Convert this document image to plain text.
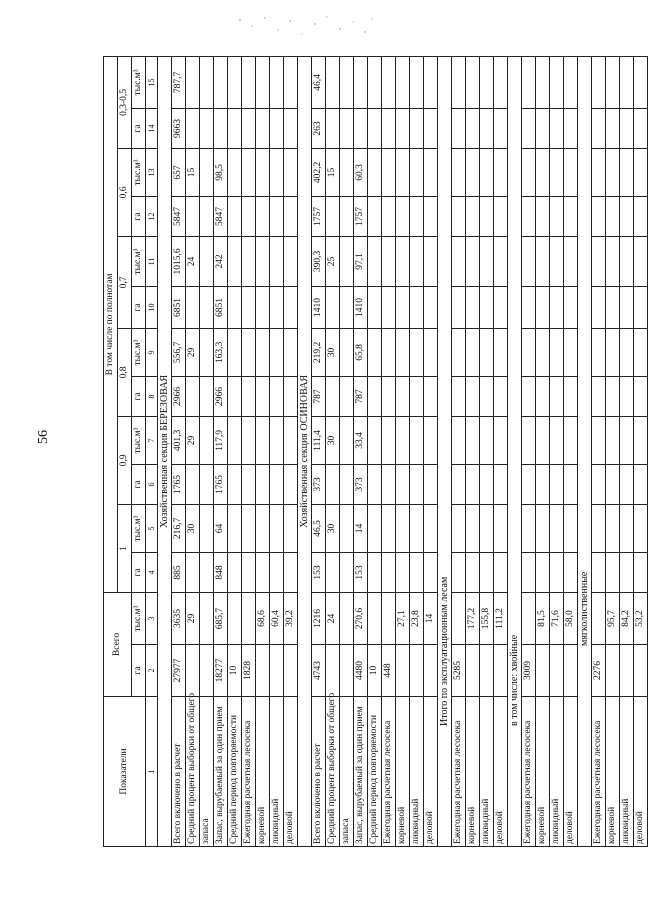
56
Показатели	Всего		В том числе по полнотам											
			1		0,9		0,8		0,7		0,6		0,3-0,5	
	га	тыс.м³	га	тыс.м³	га	тыс.м³	га	тыс.м³	га	тыс.м³	га	тыс.м³	га	тыс.м³
1	2	3	4	5	6	7	8	9	10	11	12	13	14	15
Хозяйственная секция БЕРЕЗОВАЯ														
Всего включено в расчет	27977	3635	885	216,7	1765	401,3	2966	556,7	6851	1015,6	5847	657	9663	787,7
Средний процент выборки от общего		29		30		29		29		24		15		
запаса														
Запас, вырубаемый за один прием	18277	685,7	848	64	1765	117,9	2966	163,3	6851	242	5847	98,5		
Средний период повторяемости	10													
Ежегодная расчетная лесосека	1828													
корневой		68,6												
ликвидный		60,4												
деловой		39,2												
Хозяйственная секция ОСИНОВАЯ														
Всего включено в расчет	4743	1216	153	46,5	373	111,4	787	219,2	1410	390,3	1757	402,2	263	46,4
Средний процент выборки от общего		24		30		30		30		25		15		
запаса														
Запас, вырубаемый за один прием	4480	270,6	153	14	373	33,4	787	65,8	1410	97,1	1757	60,3		
Средний период повторяемости	10													
Ежегодная расчетная лесосека	448													
корневой		27,1												
ликвидный		23,8												
деловой		14												
Итого по эксплуатационным лесам														
Ежегодная расчетная лесосека	5285													
корневой		177,2												
ликвидный		155,8												
деловой		111,2												
в том числе: хвойные														
Ежегодная расчетная лесосека	3009													
корневой		81,5												
ликвидный		71,6												
деловой		58,0												
мягколиственные														
Ежегодная расчетная лесосека	2276													
корневой		95,7												
ликвидный		84,2												
деловой		53,2												
